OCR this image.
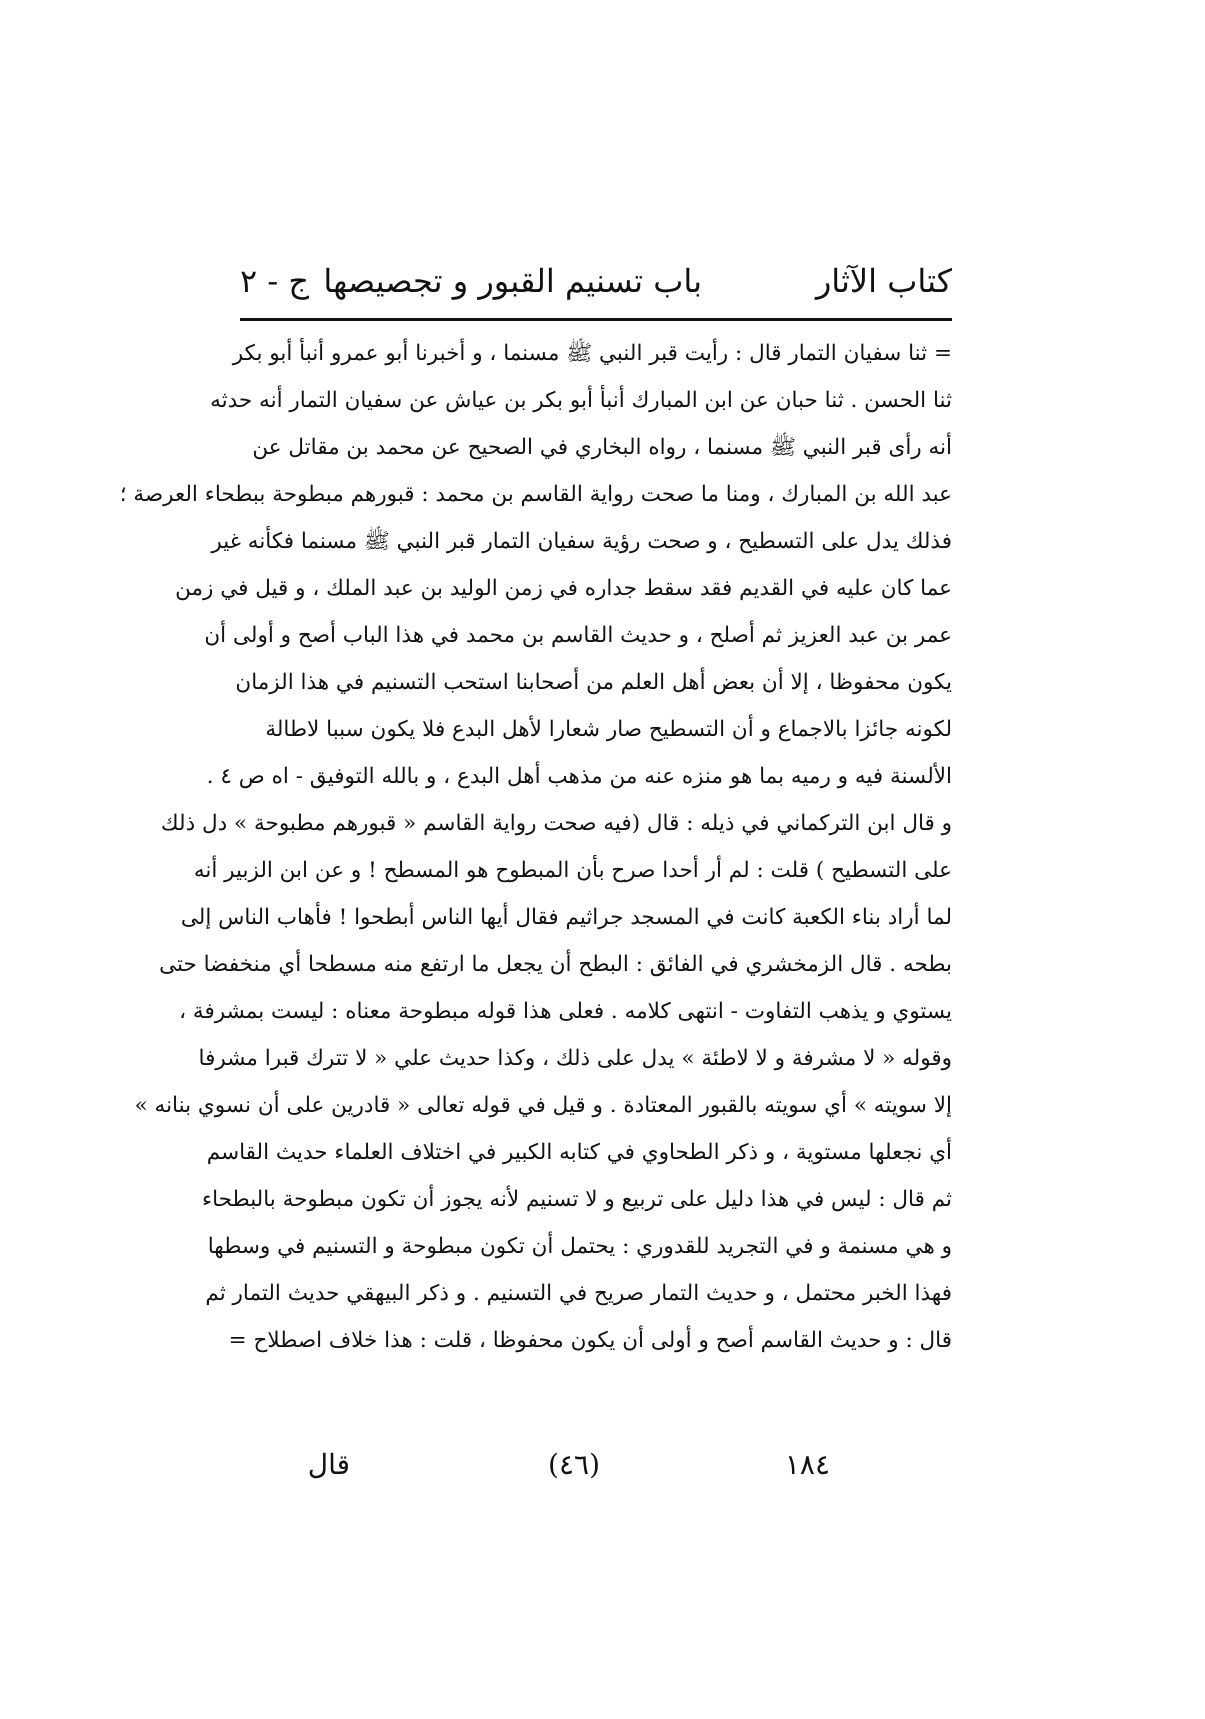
كتاب الآثار
باب تسنيم القبور و تجصيصها
ج - ٢
= ثنا سفيان التمار قال : رأيت قبر النبي ﷺ مسنما ، و أخبرنا أبو عمرو أنبأ أبو بكر
ثنا الحسن . ثنا حبان عن ابن المبارك أنبأ أبو بكر بن عياش عن سفيان التمار أنه حدثه
أنه رأى قبر النبي ﷺ مسنما ، رواه البخاري في الصحيح عن محمد بن مقاتل عن
عبد الله بن المبارك ، ومنا ما صحت رواية القاسم بن محمد : قبورهم مبطوحة ببطحاء العرصة ؛
فذلك يدل على التسطيح ، و صحت رؤية سفيان التمار قبر النبي ﷺ مسنما فكأنه غير
عما كان عليه في القديم فقد سقط جداره في زمن الوليد بن عبد الملك ، و قيل في زمن
عمر بن عبد العزيز ثم أصلح ، و حديث القاسم بن محمد في هذا الباب أصح و أولى أن
يكون محفوظا ، إلا أن بعض أهل العلم من أصحابنا استحب التسنيم في هذا الزمان
لكونه جائزا بالاجماع و أن التسطيح صار شعارا لأهل البدع فلا يكون سببا لاطالة
الألسنة فيه و رميه بما هو منزه عنه من مذهب أهل البدع ، و بالله التوفيق - اه ص ٤ .
و قال ابن التركماني في ذيله : قال (فيه صحت رواية القاسم « قبورهم مطبوحة » دل ذلك
على التسطيح ) قلت : لم أر أحدا صرح بأن المبطوح هو المسطح ! و عن ابن الزبير أنه
لما أراد بناء الكعبة كانت في المسجد جراثيم فقال أيها الناس أبطحوا ! فأهاب الناس إلى
بطحه . قال الزمخشري في الفائق : البطح أن يجعل ما ارتفع منه مسطحا أي منخفضا حتى
يستوي و يذهب التفاوت - انتهى كلامه . فعلى هذا قوله مبطوحة معناه : ليست بمشرفة ،
وقوله « لا مشرفة و لا لاطئة » يدل على ذلك ، وكذا حديث علي « لا تترك قبرا مشرفا
إلا سويته » أي سويته بالقبور المعتادة . و قيل في قوله تعالى « قادرين على أن نسوي بنانه »
أي نجعلها مستوية ، و ذكر الطحاوي في كتابه الكبير في اختلاف العلماء حديث القاسم
ثم قال : ليس في هذا دليل على تربيع و لا تسنيم لأنه يجوز أن تكون مبطوحة بالبطحاء
و هي مسنمة و في التجريد للقدوري : يحتمل أن تكون مبطوحة و التسنيم في وسطها
فهذا الخبر محتمل ، و حديث التمار صريح في التسنيم . و ذكر البيهقي حديث التمار ثم
قال : و حديث القاسم أصح و أولى أن يكون محفوظا ، قلت : هذا خلاف اصطلاح =
١٨٤
(٤٦)
قال
